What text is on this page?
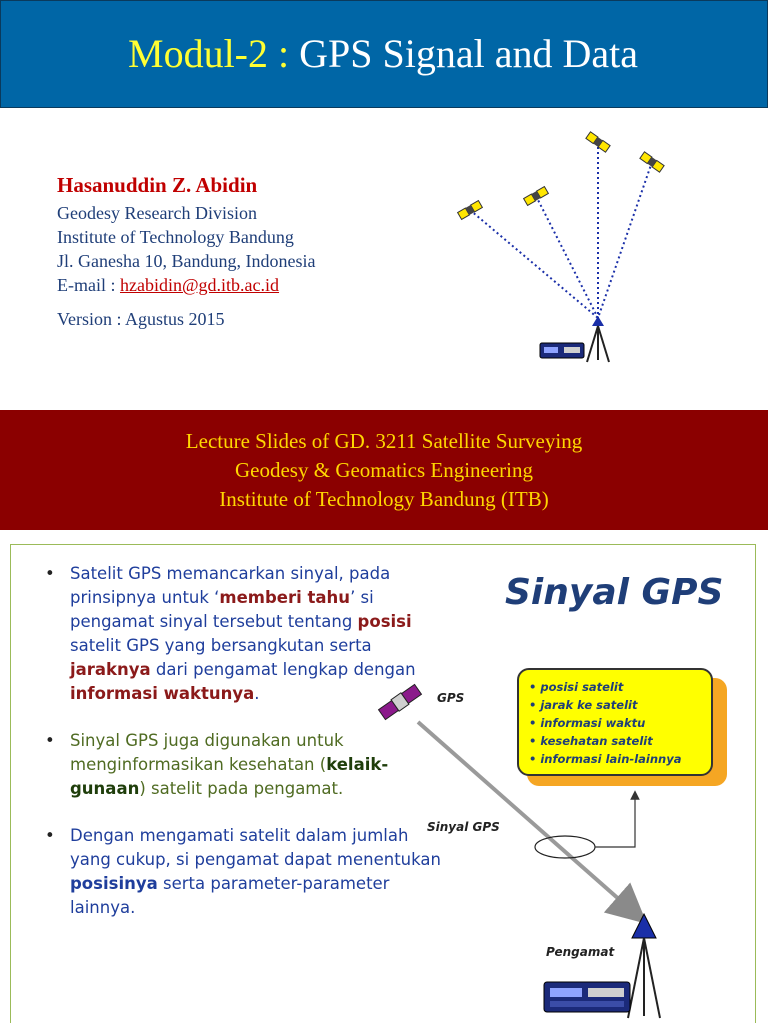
Modul-2 : GPS Signal and Data
Hasanuddin Z. Abidin
Geodesy Research Division
Institute of Technology Bandung
Jl. Ganesha 10, Bandung, Indonesia
E-mail : hzabidin@gd.itb.ac.id
Version : Agustus 2015
Lecture Slides of GD. 3211 Satellite Surveying
Geodesy & Geomatics Engineering
Institute of Technology Bandung (ITB)
• Satelit GPS memancarkan sinyal, pada prinsipnya untuk ‘memberi tahu’ si pengamat sinyal tersebut tentang posisi satelit GPS yang bersangkutan serta jaraknya dari pengamat lengkap dengan informasi waktunya.
• Sinyal GPS juga digunakan untuk menginformasikan kesehatan (kelaik-gunaan) satelit pada pengamat.
• Dengan mengamati satelit dalam jumlah yang cukup, si pengamat dapat menentukan posisinya serta parameter-parameter lainnya.
Sinyal GPS
GPS
Sinyal GPS
Pengamat
• posisi satelit
• jarak ke satelit
• informasi waktu
• kesehatan satelit
• informasi lain-lainnya
